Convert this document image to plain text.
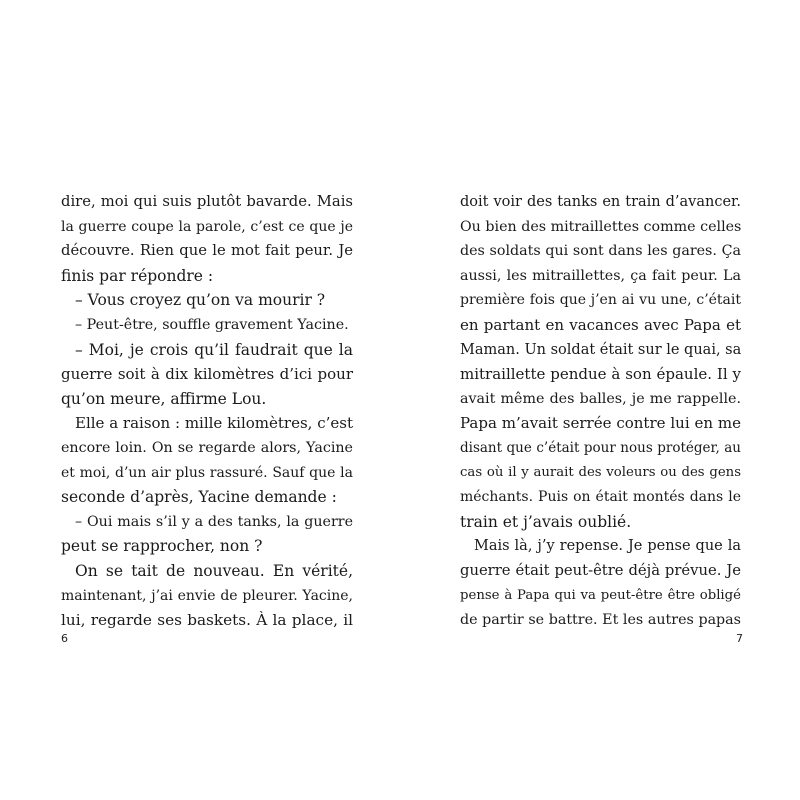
dire, moi qui suis plutôt bavarde. Mais
la guerre coupe la parole, c’est ce que je
découvre. Rien que le mot fait peur. Je
finis par répondre :
– Vous croyez qu’on va mourir ?
– Peut-être, souffle gravement Yacine.
– Moi, je crois qu’il faudrait que la
guerre soit à dix kilomètres d’ici pour
qu’on meure, affirme Lou.
Elle a raison : mille kilomètres, c’est
encore loin. On se regarde alors, Yacine
et moi, d’un air plus rassuré. Sauf que la
seconde d’après, Yacine demande :
– Oui mais s’il y a des tanks, la guerre
peut se rapprocher, non ?
On se tait de nouveau. En vérité,
maintenant, j’ai envie de pleurer. Yacine,
lui, regarde ses baskets. À la place, il
6
doit voir des tanks en train d’avancer.
Ou bien des mitraillettes comme celles
des soldats qui sont dans les gares. Ça
aussi, les mitraillettes, ça fait peur. La
première fois que j’en ai vu une, c’était
en partant en vacances avec Papa et
Maman. Un soldat était sur le quai, sa
mitraillette pendue à son épaule. Il y
avait même des balles, je me rappelle.
Papa m’avait serrée contre lui en me
disant que c’était pour nous protéger, au
cas où il y aurait des voleurs ou des gens
méchants. Puis on était montés dans le
train et j’avais oublié.
Mais là, j’y repense. Je pense que la
guerre était peut-être déjà prévue. Je
pense à Papa qui va peut-être être obligé
de partir se battre. Et les autres papas
7
